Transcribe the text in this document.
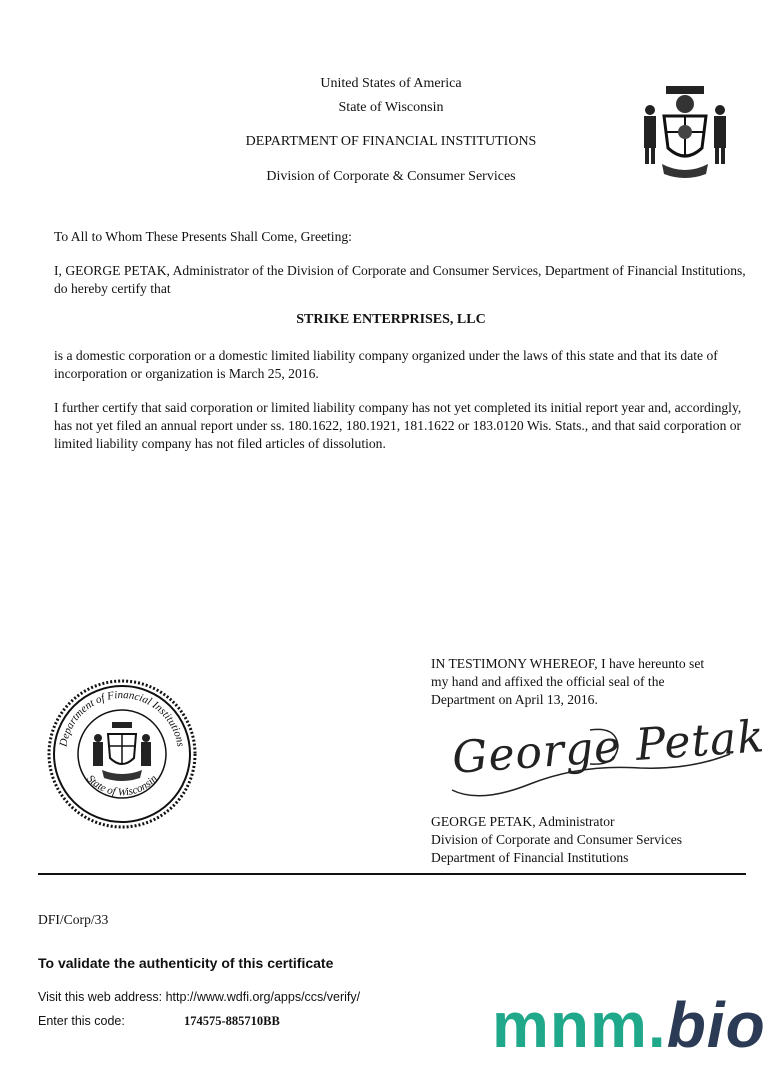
United States of America
State of Wisconsin
DEPARTMENT OF FINANCIAL INSTITUTIONS
Division of Corporate & Consumer Services
To All to Whom These Presents Shall Come, Greeting:
I, GEORGE PETAK, Administrator of the Division of Corporate and Consumer Services, Department of Financial Institutions, do hereby certify that
STRIKE ENTERPRISES, LLC
is a domestic corporation or a domestic limited liability company organized under the laws of this state and that its date of incorporation or organization is March 25, 2016.
I further certify that said corporation or limited liability company has not yet completed its initial report year and, accordingly, has not yet filed an annual report under ss. 180.1622, 180.1921, 181.1622 or 183.0120 Wis. Stats., and that said corporation or limited liability company has not filed articles of dissolution.
IN TESTIMONY WHEREOF, I have hereunto set
my hand and affixed the official seal of the
Department on April 13, 2016.
Department of Financial Institutions
State of Wisconsin	George Petak
GEORGE PETAK, Administrator
Division of Corporate and Consumer Services
Department of Financial Institutions
DFI/Corp/33
To validate the authenticity of this certificate
Visit this web address: http://www.wdfi.org/apps/ccs/verify/
Enter this code:	174575-885710BB	mnm.bio
